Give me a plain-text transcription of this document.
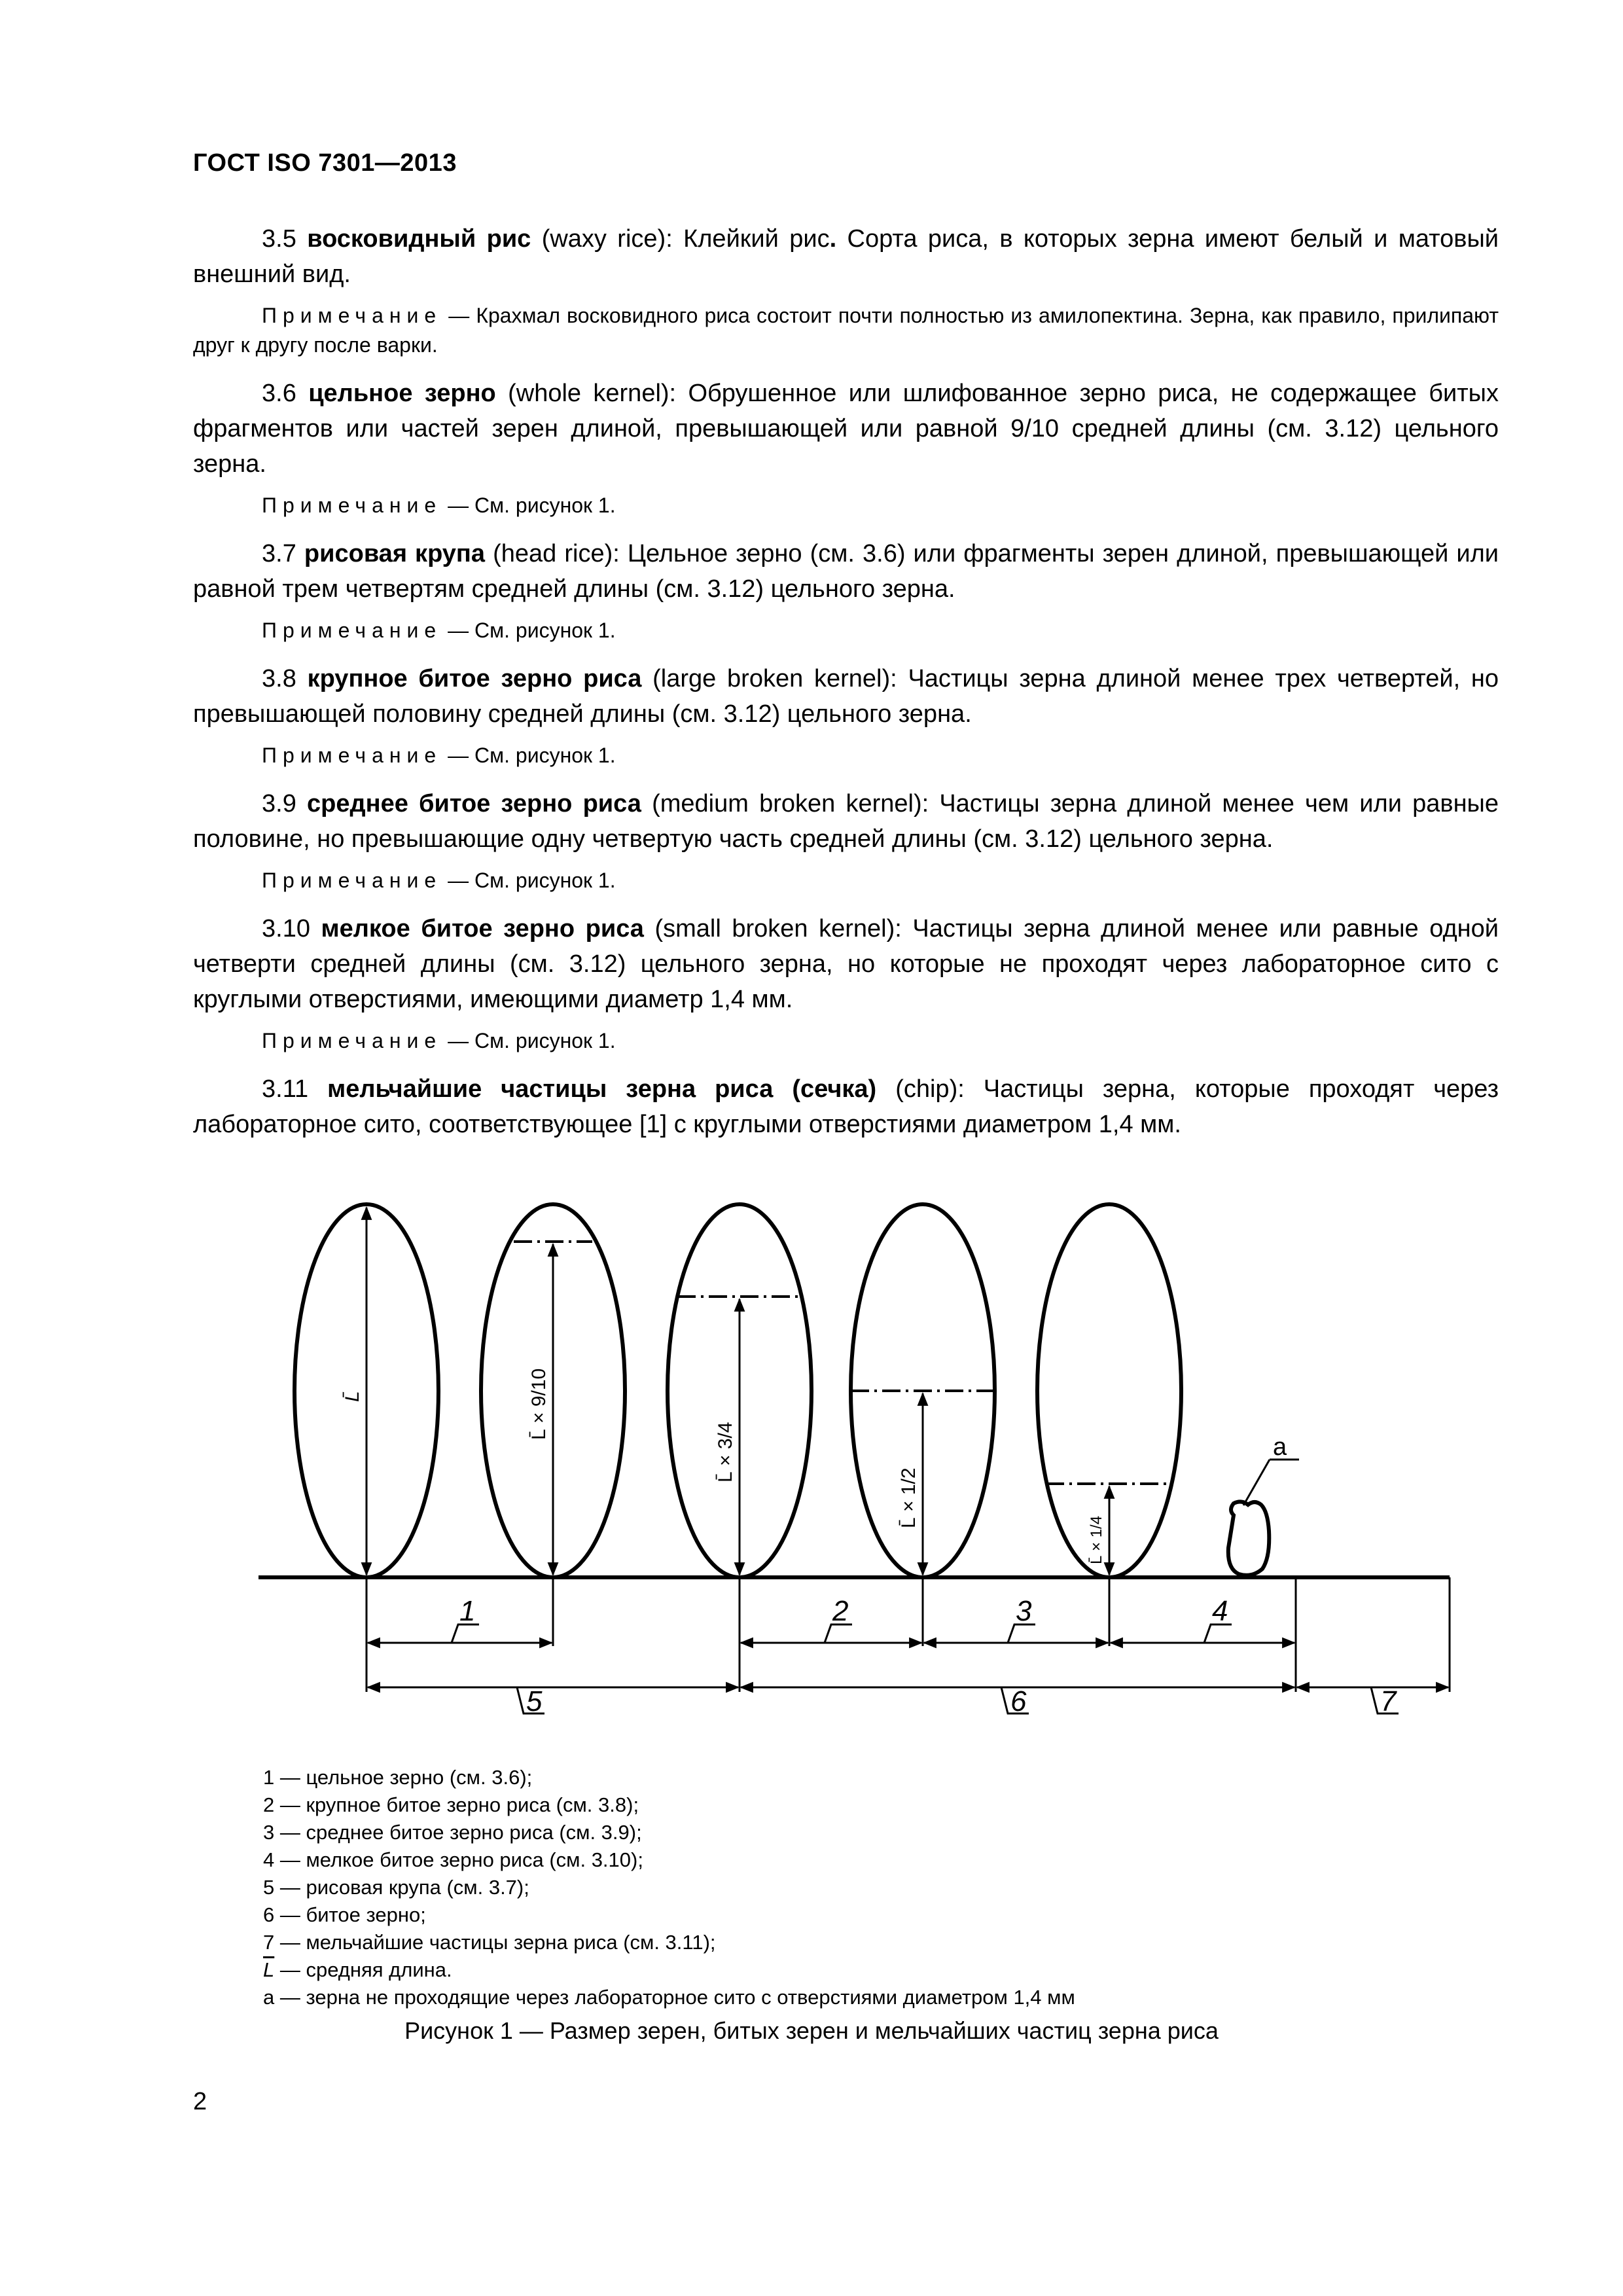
ГОСТ ISO 7301—2013

3.5 восковидный рис (waxy rice): Клейкий рис. Сорта риса, в которых зерна имеют белый и матовый внешний вид.

Примечание — Крахмал восковидного риса состоит почти полностью из амилопектина. Зерна, как правило, прилипают друг к другу после варки.

3.6 цельное зерно (whole kernel): Обрушенное или шлифованное зерно риса, не содержащее битых фрагментов или частей зерен длиной, превышающей или равной 9/10 средней длины (см. 3.12) цельного зерна.

Примечание — См. рисунок 1.

3.7 рисовая крупа (head rice): Цельное зерно (см. 3.6) или фрагменты зерен длиной, превышающей или равной трем четвертям средней длины (см. 3.12) цельного зерна.

Примечание — См. рисунок 1.

3.8 крупное битое зерно риса (large broken kernel): Частицы зерна длиной менее трех четвертей, но превышающей половину средней длины (см. 3.12) цельного зерна.

Примечание — См. рисунок 1.

3.9 среднее битое зерно риса (medium broken kernel): Частицы зерна длиной менее чем или равные половине, но превышающие одну четвертую часть средней длины (см. 3.12) цельного зерна.

Примечание — См. рисунок 1.

3.10 мелкое битое зерно риса (small broken kernel): Частицы зерна длиной менее или равные одной четверти средней длины (см. 3.12) цельного зерна, но которые не проходят через лабораторное сито с круглыми отверстиями, имеющими диаметр 1,4 мм.

Примечание — См. рисунок 1.

3.11 мельчайшие частицы зерна риса (сечка) (chip): Частицы зерна, которые проходят через лабораторное сито, соответствующее [1] с круглыми отверстиями диаметром 1,4 мм.

L̄	L̄ × 9/10
L̄ × 3/4
L̄ × 1/2
L̄ × 1/4
a
1	2	3	4
5	6	7
1 — цельное зерно (см. 3.6);
2 — крупное битое зерно риса (см. 3.8);
3 — среднее битое зерно риса (см. 3.9);
4 — мелкое битое зерно риса (см. 3.10);
5 — рисовая крупа (см. 3.7);
6 — битое зерно;
7 — мельчайшие частицы зерна риса (см. 3.11);
$\overline{L}$ — средняя длина.
а — зерна не проходящие через лабораторное сито с отверстиями диаметром 1,4 мм
Рисунок 1 — Размер зерен, битых зерен и мельчайших частиц зерна риса
2
